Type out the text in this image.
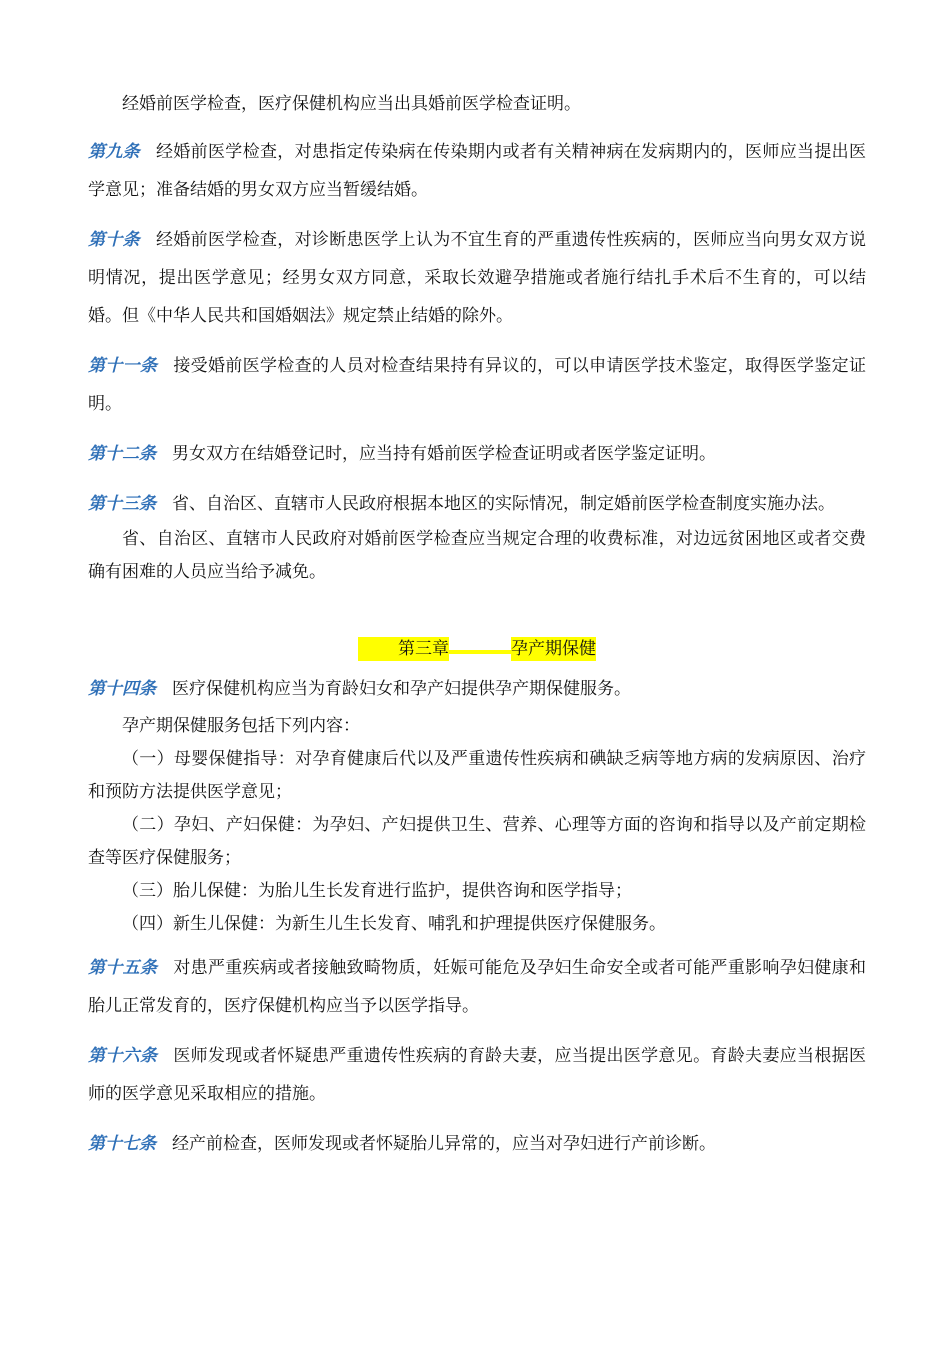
经婚前医学检查，医疗保健机构应当出具婚前医学检查证明。

第九条 经婚前医学检查，对患指定传染病在传染期内或者有关精神病在发病期内的，医师应当提出医学意见；准备结婚的男女双方应当暂缓结婚。

第十条 经婚前医学检查，对诊断患医学上认为不宜生育的严重遗传性疾病的，医师应当向男女双方说明情况，提出医学意见；经男女双方同意，采取长效避孕措施或者施行结扎手术后不生育的，可以结婚。但《中华人民共和国婚姻法》规定禁止结婚的除外。

第十一条 接受婚前医学检查的人员对检查结果持有异议的，可以申请医学技术鉴定，取得医学鉴定证明。

第十二条 男女双方在结婚登记时，应当持有婚前医学检查证明或者医学鉴定证明。

第十三条 省、自治区、直辖市人民政府根据本地区的实际情况，制定婚前医学检查制度实施办法。

省、自治区、直辖市人民政府对婚前医学检查应当规定合理的收费标准，对边远贫困地区或者交费确有困难的人员应当给予减免。

第三章	孕产期保健

第十四条 医疗保健机构应当为育龄妇女和孕产妇提供孕产期保健服务。

孕产期保健服务包括下列内容：

（一）母婴保健指导：对孕育健康后代以及严重遗传性疾病和碘缺乏病等地方病的发病原因、治疗和预防方法提供医学意见；

（二）孕妇、产妇保健：为孕妇、产妇提供卫生、营养、心理等方面的咨询和指导以及产前定期检查等医疗保健服务；

（三）胎儿保健：为胎儿生长发育进行监护，提供咨询和医学指导；

（四）新生儿保健：为新生儿生长发育、哺乳和护理提供医疗保健服务。

第十五条 对患严重疾病或者接触致畸物质，妊娠可能危及孕妇生命安全或者可能严重影响孕妇健康和胎儿正常发育的，医疗保健机构应当予以医学指导。

第十六条 医师发现或者怀疑患严重遗传性疾病的育龄夫妻，应当提出医学意见。育龄夫妻应当根据医师的医学意见采取相应的措施。

第十七条 经产前检查，医师发现或者怀疑胎儿异常的，应当对孕妇进行产前诊断。
